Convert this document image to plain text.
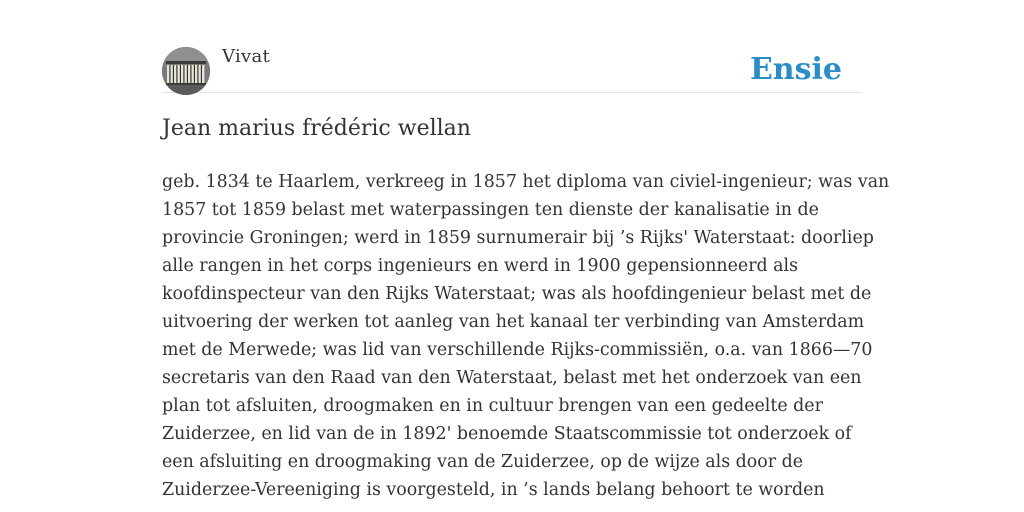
Vivat	Ensie
Jean marius frédéric wellan
geb. 1834 te Haarlem, verkreeg in 1857 het diploma van civiel-ingenieur; was van
1857 tot 1859 belast met waterpassingen ten dienste der kanalisatie in de
provincie Groningen; werd in 1859 surnumerair bij ’s Rijks' Waterstaat: doorliep
alle rangen in het corps ingenieurs en werd in 1900 gepensionneerd als
koofdinspecteur van den Rijks Waterstaat; was als hoofdingenieur belast met de
uitvoering der werken tot aanleg van het kanaal ter verbinding van Amsterdam
met de Merwede; was lid van verschillende Rijks-commissiën, o.a. van 1866—70
secretaris van den Raad van den Waterstaat, belast met het onderzoek van een
plan tot afsluiten, droogmaken en in cultuur brengen van een gedeelte der
Zuiderzee, en lid van de in 1892' benoemde Staatscommissie tot onderzoek of
een afsluiting en droogmaking van de Zuiderzee, op de wijze als door de
Zuiderzee-Vereeniging is voorgesteld, in ’s lands belang behoort te worden
